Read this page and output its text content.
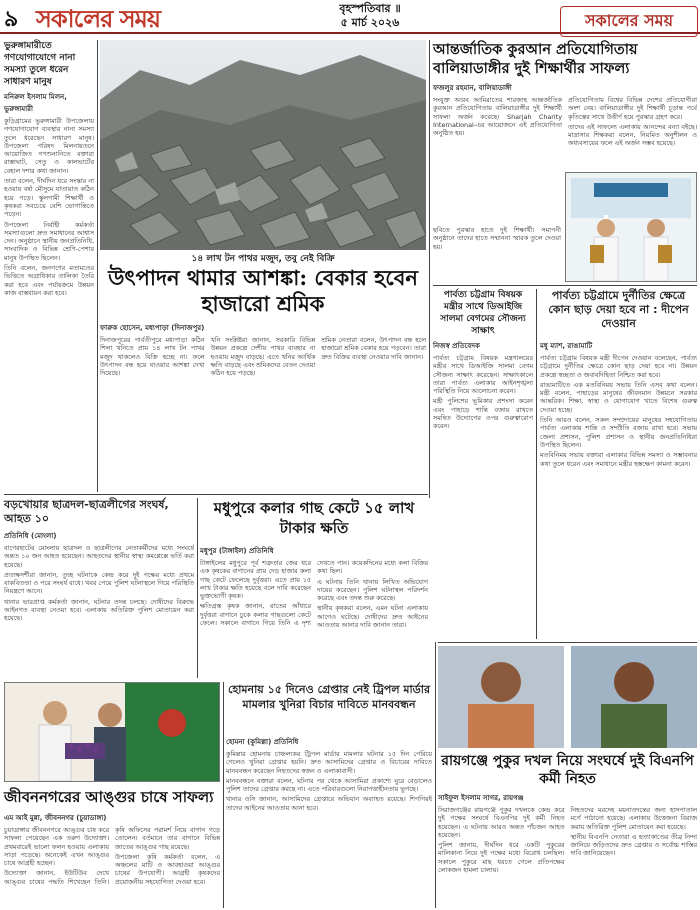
৯ সকালের সময়	বৃহস্পতিবার ॥
৫ মার্চ ২০২৬	সকালের সময়
ভুরুঙ্গামারীতে গণযোগাযোগে নানা সমস্যা তুলে ধরেন সাধারণ মানুষ
মনিরুল ইসলাম মিলন, ভুরুঙ্গামারী

কুড়িগ্রামের ভুরুঙ্গামারী উপজেলায় গণযোগাযোগ ব্যবস্থার নানা সমস্যা তুলে ধরেছেন সাধারণ মানুষ। উপজেলা পরিষদ মিলনায়তনে আয়োজিত গণশুনানিতে বক্তারা রাস্তাঘাট, সেতু ও কালভার্টের বেহাল দশার কথা জানান।

তারা বলেন, দীর্ঘদিন ধরে সংস্কার না হওয়ায় বর্ষা মৌসুমে যাতায়াত কঠিন হয়ে পড়ে। স্কুলগামী শিক্ষার্থী ও কৃষকরা সবচেয়ে বেশি ভোগান্তিতে পড়েন।

উপজেলা নির্বাহী কর্মকর্তা সমস্যাগুলো দ্রুত সমাধানের আশ্বাস দেন। অনুষ্ঠানে স্থানীয় জনপ্রতিনিধি, সাংবাদিক ও বিভিন্ন শ্রেণি-পেশার মানুষ উপস্থিত ছিলেন।

তিনি বলেন, জনগণের মতামতের ভিত্তিতে অগ্রাধিকার তালিকা তৈরি করা হবে এবং পর্যায়ক্রমে উন্নয়ন কাজ বাস্তবায়ন করা হবে।

১৪ লাখ টন পাথর মজুদ, তবু নেই বিক্রি
উৎপাদন থামার আশঙ্কা: বেকার হবেন হাজারো শ্রমিক
ফারুক হোসেন, মধ্যপাড়া (দিনাজপুর)

দিনাজপুরের পার্বতীপুরে মধ্যপাড়া কঠিন শিলা খনিতে প্রায় ১৪ লাখ টন পাথর মজুদ থাকলেও বিক্রি হচ্ছে না। ফলে উৎপাদন বন্ধ হয়ে যাওয়ার আশঙ্কা দেখা দিয়েছে।

খনি সংশ্লিষ্টরা জানান, সরকারি বিভিন্ন উন্নয়ন প্রকল্পে দেশীয় পাথর ব্যবহার না হওয়ায় মজুদ বাড়ছে। এতে খনির আর্থিক ক্ষতি বাড়ছে এবং শ্রমিকদের বেতন দেওয়া কঠিন হয়ে পড়ছে।

শ্রমিক নেতারা বলেন, উৎপাদন বন্ধ হলে হাজারো শ্রমিক বেকার হয়ে পড়বেন। তারা দ্রুত বিক্রির ব্যবস্থা নেওয়ার দাবি জানান।

আন্তর্জাতিক কুরআন প্রতিযোগিতায় বালিয়াডাঙ্গীর দুই শিক্ষার্থীর সাফল্য
ফজলুর রহমান, বালিয়াডাঙ্গী

সংযুক্ত আরব আমিরাতের শারজাহ আন্তর্জাতিক কুরআন প্রতিযোগিতায় বালিয়াডাঙ্গীর দুই শিক্ষার্থী সাফল্য অর্জন করেছে। Sharjah Charity International-এর আয়োজনে এই প্রতিযোগিতা অনুষ্ঠিত হয়।

প্রতিযোগিতায় বিশ্বের বিভিন্ন দেশের প্রতিযোগীরা অংশ নেয়। বালিয়াডাঙ্গীর দুই শিক্ষার্থী চূড়ান্ত পর্বে কৃতিত্বের সাথে উত্তীর্ণ হয়ে পুরস্কার গ্রহণ করে।

তাদের এই সাফল্যে এলাকায় আনন্দের বন্যা বইছে। মাদ্রাসার শিক্ষকরা বলেন, নিয়মিত অনুশীলন ও অধ্যবসায়ের ফলে এই অর্জন সম্ভব হয়েছে।

ছবিতে পুরস্কার হাতে দুই শিক্ষার্থী। সমাপনী অনুষ্ঠানে তাদের হাতে সম্মাননা স্মারক তুলে দেওয়া হয়।
পার্বত্য চট্টগ্রাম বিষয়ক মন্ত্রীর সাথে ডিআইজি সালমা বেগমের সৌজন্য সাক্ষাৎ
নিজস্ব প্রতিবেদক

পার্বত্য চট্টগ্রাম বিষয়ক মন্ত্রণালয়ের মন্ত্রীর সাথে ডিআইজি সালমা বেগম সৌজন্য সাক্ষাৎ করেছেন। সাক্ষাৎকালে তারা পার্বত্য এলাকার আইনশৃঙ্খলা পরিস্থিতি নিয়ে আলোচনা করেন।

মন্ত্রী পুলিশের ভূমিকার প্রশংসা করেন এবং পাহাড়ে শান্তি বজায় রাখতে সমন্বিত উদ্যোগের ওপর গুরুত্বারোপ করেন।

পার্বত্য চট্টগ্রামে দুর্নীতির ক্ষেত্রে কোন ছাড় দেয়া হবে না : দীপেন দেওয়ান
মধু ম্যাশ, রাঙামাটি

পার্বত্য চট্টগ্রাম বিষয়ক মন্ত্রী দীপেন দেওয়ান বলেছেন, পার্বত্য চট্টগ্রামে দুর্নীতির ক্ষেত্রে কোন ছাড় দেয়া হবে না। উন্নয়ন প্রকল্পে স্বচ্ছতা ও জবাবদিহিতা নিশ্চিত করা হবে।

রাঙামাটিতে এক মতবিনিময় সভায় তিনি এসব কথা বলেন। মন্ত্রী বলেন, পাহাড়ের মানুষের জীবনমান উন্নয়নে সরকার আন্তরিক। শিক্ষা, স্বাস্থ্য ও যোগাযোগ খাতে বিশেষ গুরুত্ব দেওয়া হচ্ছে।

তিনি আরও বলেন, সকল সম্প্রদায়ের মানুষের সহযোগিতায় পার্বত্য এলাকায় শান্তি ও সম্প্রীতি বজায় রাখা হবে। সভায় জেলা প্রশাসন, পুলিশ প্রশাসন ও স্থানীয় জনপ্রতিনিধিরা উপস্থিত ছিলেন।

মতবিনিময় সভায় বক্তারা এলাকার বিভিন্ন সমস্যা ও সম্ভাবনার কথা তুলে ধরেন এবং সমাধানে মন্ত্রীর হস্তক্ষেপ কামনা করেন।

বড়খোয়ার ছাত্রদল-ছাত্রলীগের সংঘর্ষ, আহত ১০
প্রতিনিধি (মোংলা)

বাগেরহাটের মোংলায় ছাত্রদল ও ছাত্রলীগের নেতাকর্মীদের মধ্যে সংঘর্ষে অন্তত ১০ জন আহত হয়েছেন। আহতদের স্থানীয় স্বাস্থ্য কমপ্লেক্সে ভর্তি করা হয়েছে।

প্রত্যক্ষদর্শীরা জানান, তুচ্ছ ঘটনাকে কেন্দ্র করে দুই পক্ষের মধ্যে প্রথমে বাকবিতণ্ডা ও পরে সংঘর্ষ বাধে। খবর পেয়ে পুলিশ ঘটনাস্থলে গিয়ে পরিস্থিতি নিয়ন্ত্রণে আনে।

থানার ভারপ্রাপ্ত কর্মকর্তা জানান, ঘটনার তদন্ত চলছে। দোষীদের বিরুদ্ধে আইনগত ব্যবস্থা নেওয়া হবে। এলাকায় অতিরিক্ত পুলিশ মোতায়েন করা হয়েছে।

মধুপুরে কলার গাছ কেটে ১৫ লাখ টাকার ক্ষতি
মধুপুর (টাঙ্গাইল) প্রতিনিধি

টাঙ্গাইলের মধুপুরে পূর্ব শত্রুতার জের ধরে এক কৃষকের বাগানের প্রায় দেড় হাজার কলা গাছ কেটে ফেলেছে দুর্বৃত্তরা। এতে প্রায় ১৫ লাখ টাকার ক্ষতি হয়েছে বলে দাবি করেছেন ভুক্তভোগী কৃষক।

ক্ষতিগ্রস্ত কৃষক জানান, রাতের আঁধারে দুর্বৃত্তরা বাগানে ঢুকে কলার গাছগুলো কেটে ফেলে। সকালে বাগানে গিয়ে তিনি এ দৃশ্য দেখতে পান। কয়েকদিনের মধ্যে কলা বিক্রির কথা ছিল।

এ ঘটনায় তিনি থানায় লিখিত অভিযোগ দায়ের করেছেন। পুলিশ ঘটনাস্থল পরিদর্শন করেছে এবং তদন্ত শুরু করেছে।

স্থানীয় কৃষকরা বলেন, এমন ঘটনা এলাকায় আগেও ঘটেছে। দোষীদের দ্রুত আইনের আওতায় আনার দাবি জানান তারা।

জীবননগরের আঙ্গুর চাষে সাফল্য
এম আই মুন্না, জীবননগর (চুয়াডাঙ্গা)

চুয়াডাঙ্গার জীবননগরে আঙ্গুর চাষ করে সাফল্য পেয়েছেন এক তরুণ উদ্যোক্তা। প্রথমবারেই ভালো ফলন হওয়ায় এলাকায় সাড়া পড়েছে। অনেকেই এখন আঙ্গুর চাষে আগ্রহী হচ্ছেন।

উদ্যোক্তা জানান, ইউটিউব দেখে আঙ্গুর চাষের পদ্ধতি শিখেছেন তিনি। কৃষি অফিসের পরামর্শ নিয়ে বাগান গড়ে তোলেন। বর্তমানে তার বাগানে বিভিন্ন জাতের আঙ্গুর গাছ রয়েছে।

উপজেলা কৃষি কর্মকর্তা বলেন, এ অঞ্চলের মাটি ও আবহাওয়া আঙ্গুর চাষের উপযোগী। আগ্রহী কৃষকদের প্রয়োজনীয় সহযোগিতা দেওয়া হবে।

হোমনায় ১৫ দিনেও গ্রেপ্তার নেই ট্রিপল মার্ডার মামলার খুনিরা বিচার দাবিতে মানববন্ধন
হোমনা (কুমিল্লা) প্রতিনিধি

কুমিল্লার হোমনায় চাঞ্চল্যকর ট্রিপল মার্ডার মামলার ঘটনার ১৫ দিন পেরিয়ে গেলেও খুনিরা গ্রেপ্তার হয়নি। দ্রুত আসামিদের গ্রেপ্তার ও বিচারের দাবিতে মানববন্ধন করেছেন নিহতদের স্বজন ও এলাকাবাসী।

মানববন্ধনে বক্তারা বলেন, ঘটনার পর থেকে আসামিরা প্রকাশ্যে ঘুরে বেড়ালেও পুলিশ তাদের গ্রেপ্তার করছে না। এতে পরিবারগুলো নিরাপত্তাহীনতায় ভুগছে।

থানার ওসি জানান, আসামিদের গ্রেপ্তারে অভিযান অব্যাহত রয়েছে। শিগগিরই তাদের আইনের আওতায় আনা হবে।

রায়গঞ্জে পুকুর দখল নিয়ে সংঘর্ষে দুই বিএনপি কর্মী নিহত
সাইফুল ইসলাম সাগর, রায়গঞ্জ

সিরাজগঞ্জের রায়গঞ্জে পুকুর দখলকে কেন্দ্র করে দুই পক্ষের সংঘর্ষে বিএনপির দুই কর্মী নিহত হয়েছেন। এ ঘটনায় আরও অন্তত পাঁচজন আহত হয়েছেন।

পুলিশ জানায়, দীর্ঘদিন ধরে একটি পুকুরের মালিকানা নিয়ে দুই পক্ষের মধ্যে বিরোধ চলছিল। সকালে পুকুরে মাছ ধরতে গেলে প্রতিপক্ষের লোকজন হামলা চালায়।

নিহতদের মরদেহ ময়নাতদন্তের জন্য হাসপাতাল মর্গে পাঠানো হয়েছে। এলাকায় উত্তেজনা বিরাজ করায় অতিরিক্ত পুলিশ মোতায়েন করা হয়েছে।

স্থানীয় বিএনপি নেতারা এ হত্যাকাণ্ডের তীব্র নিন্দা জানিয়ে জড়িতদের দ্রুত গ্রেপ্তার ও সর্বোচ্চ শাস্তির দাবি জানিয়েছেন।
